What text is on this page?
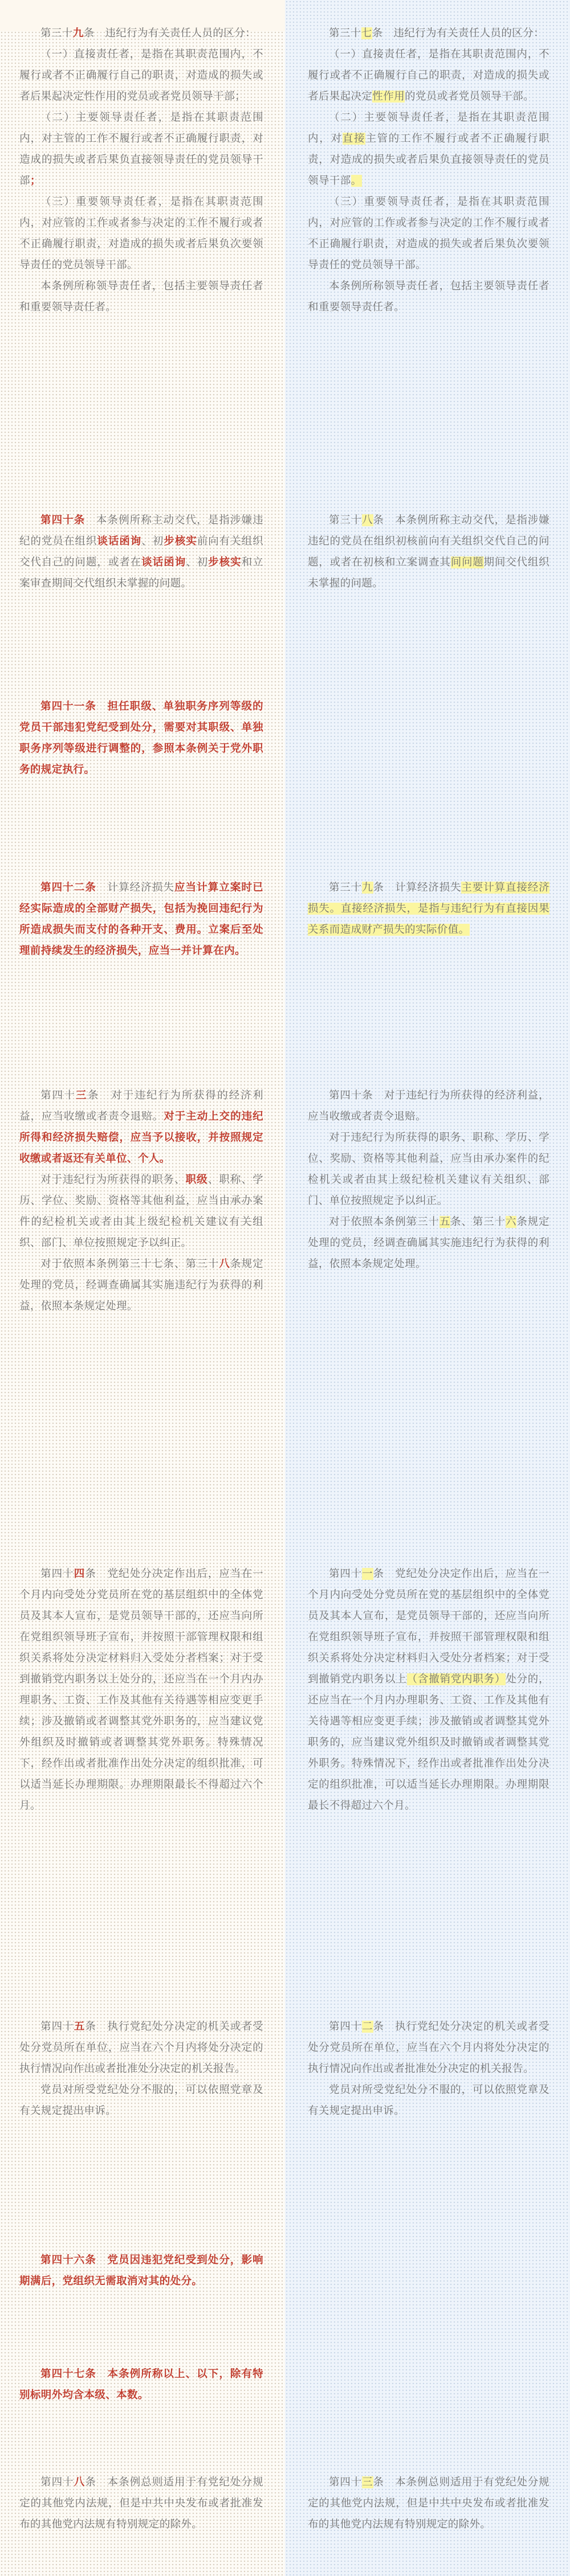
第三十九条　违纪行为有关责任人员的区分：

（一）直接责任者，是指在其职责范围内，不履行或者不正确履行自己的职责，对造成的损失或者后果起决定性作用的党员或者党员领导干部；

（二）主要领导责任者，是指在其职责范围内，对主管的工作不履行或者不正确履行职责，对造成的损失或者后果负直接领导责任的党员领导干部；

（三）重要领导责任者，是指在其职责范围内，对应管的工作或者参与决定的工作不履行或者不正确履行职责，对造成的损失或者后果负次要领导责任的党员领导干部。

本条例所称领导责任者，包括主要领导责任者和重要领导责任者。

第四十条　本条例所称主动交代，是指涉嫌违纪的党员在组织谈话函询、初步核实前向有关组织交代自己的问题，或者在谈话函询、初步核实和立案审查期间交代组织未掌握的问题。

第四十一条　担任职级、单独职务序列等级的党员干部违犯党纪受到处分，需要对其职级、单独职务序列等级进行调整的，参照本条例关于党外职务的规定执行。

第四十二条　计算经济损失应当计算立案时已经实际造成的全部财产损失，包括为挽回违纪行为所造成损失而支付的各种开支、费用。立案后至处理前持续发生的经济损失，应当一并计算在内。

第四十三条　对于违纪行为所获得的经济利益，应当收缴或者责令退赔。对于主动上交的违纪所得和经济损失赔偿，应当予以接收，并按照规定收缴或者返还有关单位、个人。

对于违纪行为所获得的职务、职级、职称、学历、学位、奖励、资格等其他利益，应当由承办案件的纪检机关或者由其上级纪检机关建议有关组织、部门、单位按照规定予以纠正。

对于依照本条例第三十七条、第三十八条规定处理的党员，经调查确属其实施违纪行为获得的利益，依照本条规定处理。

第四十四条　党纪处分决定作出后，应当在一个月内向受处分党员所在党的基层组织中的全体党员及其本人宣布，是党员领导干部的，还应当向所在党组织领导班子宣布，并按照干部管理权限和组织关系将处分决定材料归入受处分者档案；对于受到撤销党内职务以上处分的，还应当在一个月内办理职务、工资、工作及其他有关待遇等相应变更手续；涉及撤销或者调整其党外职务的，应当建议党外组织及时撤销或者调整其党外职务。特殊情况下，经作出或者批准作出处分决定的组织批准，可以适当延长办理期限。办理期限最长不得超过六个月。

第四十五条　执行党纪处分决定的机关或者受处分党员所在单位，应当在六个月内将处分决定的执行情况向作出或者批准处分决定的机关报告。

党员对所受党纪处分不服的，可以依照党章及有关规定提出申诉。

第四十六条　党员因违犯党纪受到处分，影响期满后，党组织无需取消对其的处分。

第四十七条　本条例所称以上、以下，除有特别标明外均含本级、本数。

第四十八条　本条例总则适用于有党纪处分规定的其他党内法规，但是中共中央发布或者批准发布的其他党内法规有特别规定的除外。

第三十七条　违纪行为有关责任人员的区分：

（一）直接责任者，是指在其职责范围内，不履行或者不正确履行自己的职责，对造成的损失或者后果起决定性作用的党员或者党员领导干部。

（二）主要领导责任者，是指在其职责范围内，对直接主管的工作不履行或者不正确履行职责，对造成的损失或者后果负直接领导责任的党员领导干部。

（三）重要领导责任者，是指在其职责范围内，对应管的工作或者参与决定的工作不履行或者不正确履行职责，对造成的损失或者后果负次要领导责任的党员领导干部。

本条例所称领导责任者，包括主要领导责任者和重要领导责任者。

第三十八条　本条例所称主动交代，是指涉嫌违纪的党员在组织初核前向有关组织交代自己的问题，或者在初核和立案调查其间问题期间交代组织未掌握的问题。

第三十九条　计算经济损失主要计算直接经济损失。直接经济损失，是指与违纪行为有直接因果关系而造成财产损失的实际价值。

第四十条　对于违纪行为所获得的经济利益，应当收缴或者责令退赔。

对于违纪行为所获得的职务、职称、学历、学位、奖励、资格等其他利益，应当由承办案件的纪检机关或者由其上级纪检机关建议有关组织、部门、单位按照规定予以纠正。

对于依照本条例第三十五条、第三十六条规定处理的党员，经调查确属其实施违纪行为获得的利益，依照本条规定处理。

第四十一条　党纪处分决定作出后，应当在一个月内向受处分党员所在党的基层组织中的全体党员及其本人宣布，是党员领导干部的，还应当向所在党组织领导班子宣布，并按照干部管理权限和组织关系将处分决定材料归入受处分者档案；对于受到撤销党内职务以上（含撤销党内职务）处分的，还应当在一个月内办理职务、工资、工作及其他有关待遇等相应变更手续；涉及撤销或者调整其党外职务的，应当建议党外组织及时撤销或者调整其党外职务。特殊情况下，经作出或者批准作出处分决定的组织批准，可以适当延长办理期限。办理期限最长不得超过六个月。

第四十二条　执行党纪处分决定的机关或者受处分党员所在单位，应当在六个月内将处分决定的执行情况向作出或者批准处分决定的机关报告。

党员对所受党纪处分不服的，可以依照党章及有关规定提出申诉。

第四十三条　本条例总则适用于有党纪处分规定的其他党内法规，但是中共中央发布或者批准发布的其他党内法规有特别规定的除外。
